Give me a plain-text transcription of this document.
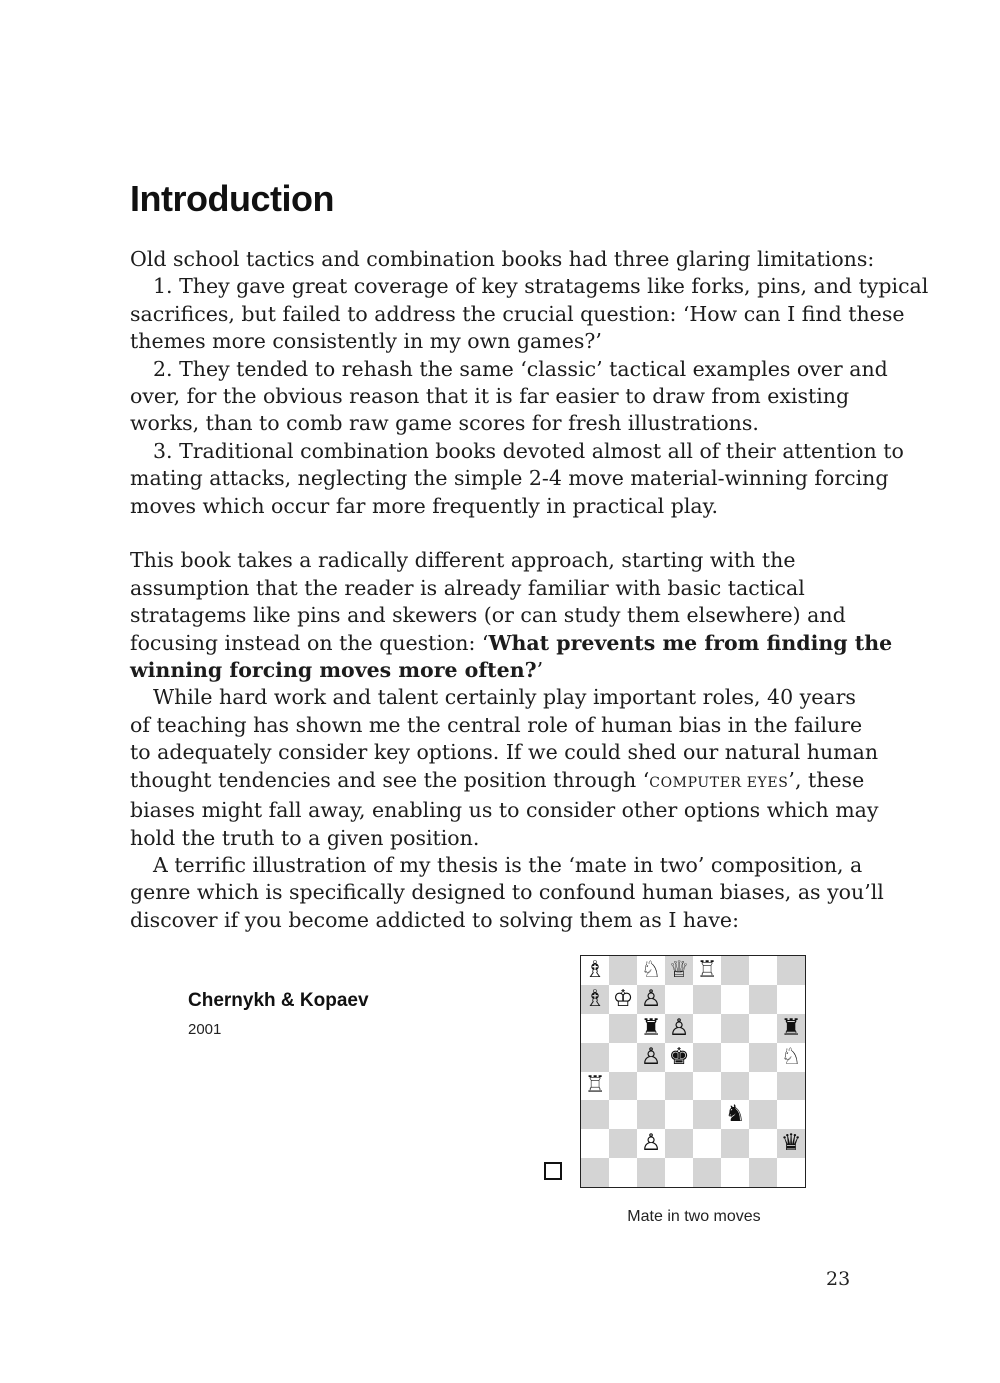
Introduction
Old school tactics and combination books had three glaring limitations:
1. They gave great coverage of key stratagems like forks, pins, and typical
sacrifices, but failed to address the crucial question: ‘How can I find these
themes more consistently in my own games?’
2. They tended to rehash the same ‘classic’ tactical examples over and
over, for the obvious reason that it is far easier to draw from existing
works, than to comb raw game scores for fresh illustrations.
3. Traditional combination books devoted almost all of their attention to
mating attacks, neglecting the simple 2-4 move material-winning forcing
moves which occur far more frequently in practical play.
This book takes a radically different approach, starting with the
assumption that the reader is already familiar with basic tactical
stratagems like pins and skewers (or can study them elsewhere) and
focusing instead on the question: ‘What prevents me from finding the
winning forcing moves more often?’
While hard work and talent certainly play important roles, 40 years
of teaching has shown me the central role of human bias in the failure
to adequately consider key options. If we could shed our natural human
thought tendencies and see the position through ‘COMPUTER EYES’, these
biases might fall away, enabling us to consider other options which may
hold the truth to a given position.
A terrific illustration of my thesis is the ‘mate in two’ composition, a
genre which is specifically designed to confound human biases, as you’ll
discover if you become addicted to solving them as I have:
Chernykh & Kopaev
2001
♗ ♘ ♕ ♖
♗ ♔ ♙
♜ ♙	♜
♙ ♚	♘
♖
♞
♙	♛
Mate in two moves
23
